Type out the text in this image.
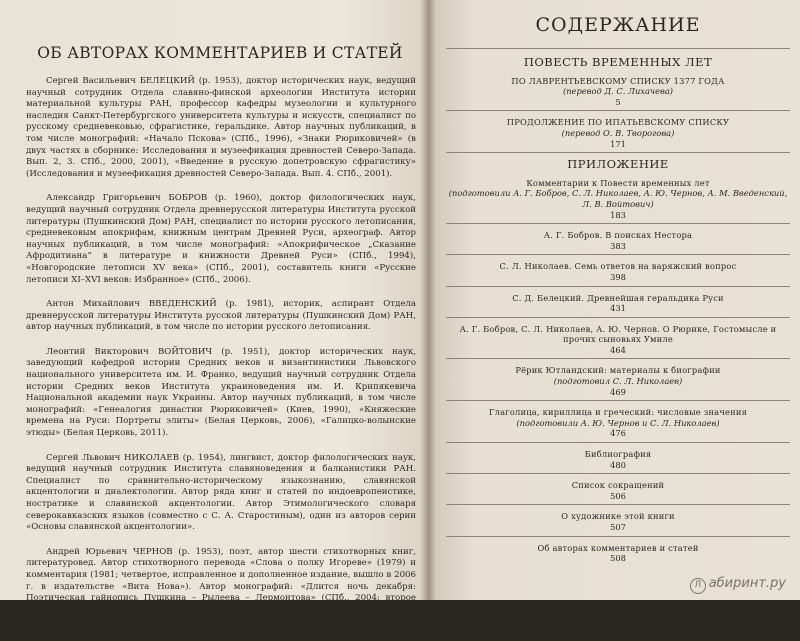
ОБ АВТОРАХ КОММЕНТАРИЕВ И СТАТЕЙ

Сергей Васильевич БЕЛЕЦКИЙ (р. 1953), доктор исторических наук, ведущий научный сотрудник Отдела славяно-финской археологии Института истории материальной культуры РАН, профессор кафедры музеологии и культурного наследия Санкт-Петербургского университета культуры и искусств, специалист по русскому средневековью, сфрагистике, геральдике. Автор научных публикаций, в том числе монографий: «Начало Пскова» (СПб., 1996), «Знаки Рюриковичей» (в двух частях в сборнике: Исследования и музеефикация древностей Северо-Запада. Вып. 2, 3. СПб., 2000, 2001), «Введение в русскую допетровскую сфрагистику» (Исследования и музеефикация древностей Северо-Запада. Вып. 4. СПб., 2001).

Александр Григорьевич БОБРОВ (р. 1960), доктор филологических наук, ведущий научный сотрудник Отдела древнерусской литературы Института русской литературы (Пушкинский Дом) РАН, специалист по истории русского летописания, средневековым апокрифам, книжным центрам Древней Руси, археограф. Автор научных публикаций, в том числе монографий: «Апокрифическое „Сказание Афродитиана“ в литературе и книжности Древней Руси» (СПб., 1994), «Новгородские летописи XV века» (СПб., 2001), составитель книги «Русские летописи XI–XVI веков: Избранное» (СПб., 2006).

Антон Михайлович ВВЕДЕНСКИЙ (р. 1981), историк, аспирант Отдела древнерусской литературы Института русской литературы (Пушкинский Дом) РАН, автор научных публикаций, в том числе по истории русского летописания.

Леонтий Викторович ВОЙТОВИЧ (р. 1951), доктор исторических наук, заведующий кафедрой истории Средних веков и византинистики Львовского национального университета им. И. Франко, ведущий научный сотрудник Отдела истории Средних веков Института украиноведения им. И. Крипякевича Национальной академии наук Украины. Автор научных публикаций, в том числе монографий: «Генеалогия династии Рюриковичей» (Киев, 1990), «Княжеские времена на Руси: Портреты элиты» (Белая Церковь, 2006), «Галицко-волынские этюды» (Белая Церковь, 2011).

Сергей Львович НИКОЛАЕВ (р. 1954), лингвист, доктор филологических наук, ведущий научный сотрудник Института славяноведения и балканистики РАН. Специалист по сравнительно-историческому языкознанию, славянской акцентологии и диалектологии. Автор ряда книг и статей по индоевропеистике, ностратике и славянской акцентологии. Автор Этимологического словаря северокавказских языков (совместно с С. А. Старостиным), один из авторов серии «Основы славянской акцентологии».

Андрей Юрьевич ЧЕРНОВ (р. 1953), поэт, автор шести стихотворных книг, литературовед. Автор стихотворного перевода «Слова о полку Игореве» (1979) и комментария (1981; четвертое, исправленное и дополненное издание, вышло в 2006 г. в издательстве «Вита Нова»). Автор монографий: «Длится ночь декабря: Поэтическая гайнопись Пушкина – Рылеева – Лермонтова» (СПб., 2004; второе издание 2008), «Хроника изнанного времени. „Слово о полку Игореве“: Текст и его окрестности» (СПб., 2006).

СОДЕРЖАНИЕ
ПОВЕСТЬ ВРЕМЕННЫХ ЛЕТ
ПО ЛАВРЕНТЬЕВСКОМУ СПИСКУ 1377 ГОДА
(перевод Д. С. Лихачева)
5
ПРОДОЛЖЕНИЕ ПО ИПАТЬЕВСКОМУ СПИСКУ
(перевод О. В. Творогова)
171
ПРИЛОЖЕНИЕ
Комментарии к Повести временных лет
(подготовили А. Г. Бобров, С. Л. Николаев, А. Ю. Чернов, А. М. Введенский, Л. В. Войтович)
183
А. Г. Бобров. В поисках Нестора
383
С. Л. Николаев. Семь ответов на варяжский вопрос
398
С. Д. Белецкий. Древнейшая геральдика Руси
431
А. Г. Бобров, С. Л. Николаев, А. Ю. Чернов. О Рюрике, Гостомысле и прочих сыновьях Умиле
464
Рёрик Ютландский: материалы к биографии
(подготовил С. Л. Николаев)
469
Глаголица, кириллица и греческий: числовые значения
(подготовили А. Ю. Чернов и С. Л. Николаев)
476
Библиография
480
Список сокращений
506
О художнике этой книги
507
Об авторах комментариев и статей
508
Л абиринт.ру
